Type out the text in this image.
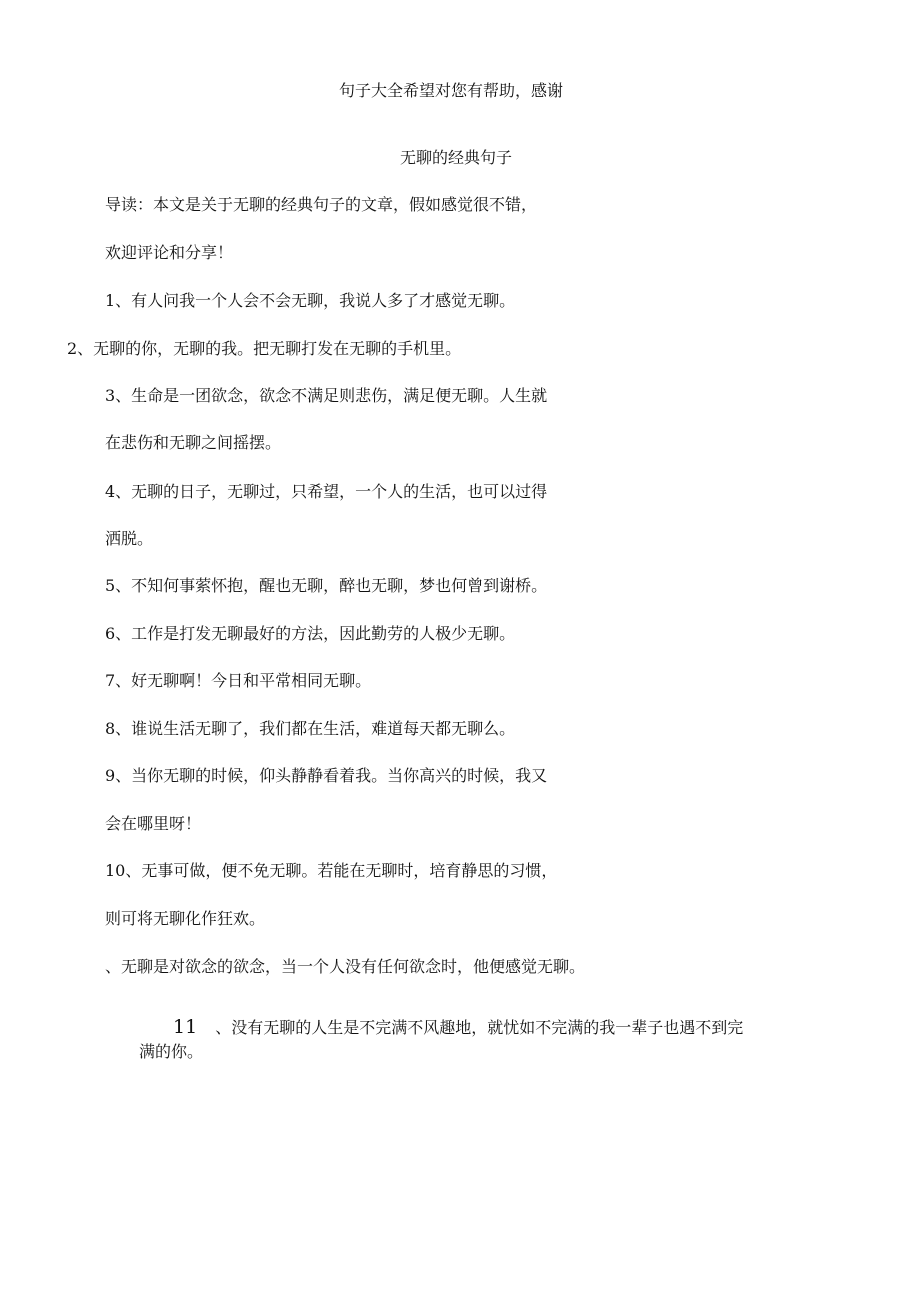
句子大全希望对您有帮助，感谢
无聊的经典句子
导读：本文是关于无聊的经典句子的文章，假如感觉很不错，
欢迎评论和分享！
1、有人问我一个人会不会无聊，我说人多了才感觉无聊。
2、无聊的你，无聊的我。把无聊打发在无聊的手机里。
3、生命是一团欲念，欲念不满足则悲伤，满足便无聊。人生就
在悲伤和无聊之间摇摆。
4、无聊的日子，无聊过，只希望，一个人的生活，也可以过得
洒脱。
5、不知何事萦怀抱，醒也无聊，醉也无聊，梦也何曾到谢桥。
6、工作是打发无聊最好的方法，因此勤劳的人极少无聊。
7、好无聊啊！今日和平常相同无聊。
8、谁说生活无聊了，我们都在生活，难道每天都无聊么。
9、当你无聊的时候，仰头静静看着我。当你高兴的时候，我又
会在哪里呀！
10、无事可做，便不免无聊。若能在无聊时，培育静思的习惯，
则可将无聊化作狂欢。
、无聊是对欲念的欲念，当一个人没有任何欲念时，他便感觉无聊。
11 、没有无聊的人生是不完满不风趣地，就忧如不完满的我一辈子也遇不到完满的你。
